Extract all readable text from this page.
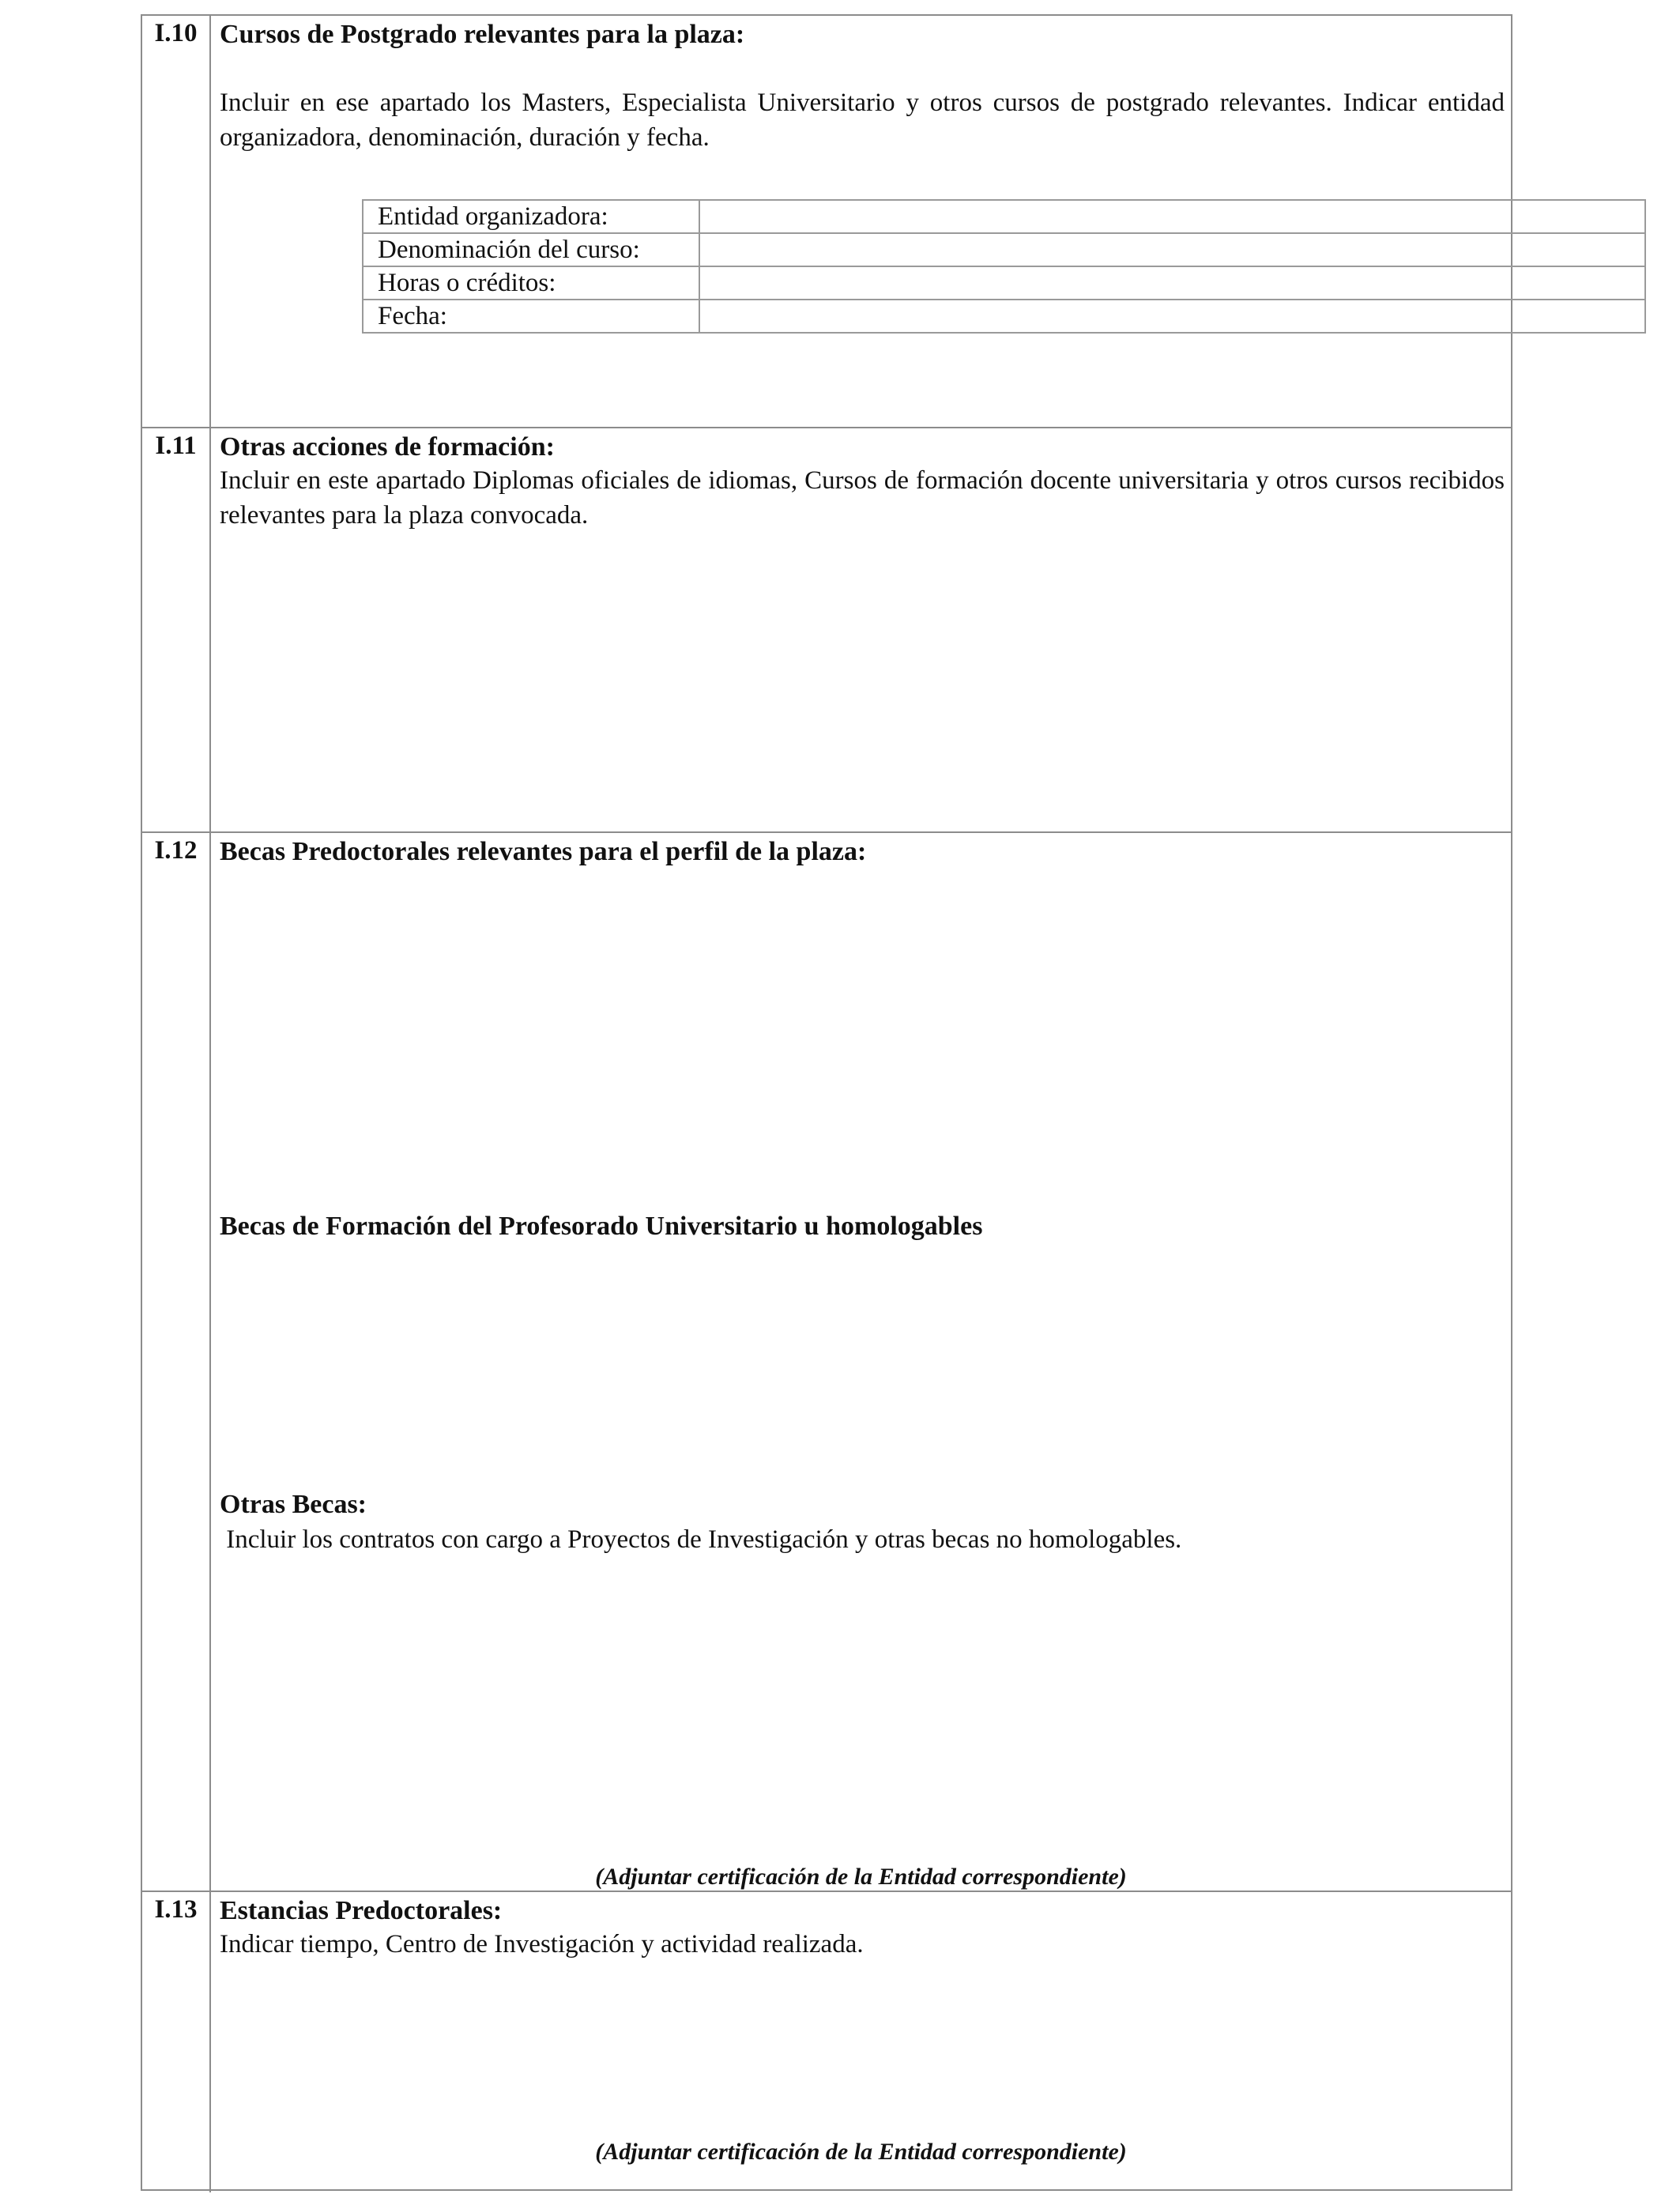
I.10 Cursos de Postgrado relevantes para la plaza:
Incluir en ese apartado los Masters, Especialista Universitario y otros cursos de postgrado relevantes. Indicar entidad organizadora, denominación, duración y fecha.
Entidad organizadora:	
Denominación del curso:	
Horas o créditos:	
Fecha:	
I.11 Otras acciones de formación:
Incluir en este apartado Diplomas oficiales de idiomas, Cursos de formación docente universitaria y otros cursos recibidos relevantes para la plaza convocada.
I.12 Becas Predoctorales relevantes para el perfil de la plaza:
Becas de Formación del Profesorado Universitario u homologables
Otras Becas:
Incluir los contratos con cargo a Proyectos de Investigación y otras becas no homologables.
(Adjuntar certificación de la Entidad correspondiente)
I.13 Estancias Predoctorales:
Indicar tiempo, Centro de Investigación y actividad realizada.
(Adjuntar certificación de la Entidad correspondiente)
